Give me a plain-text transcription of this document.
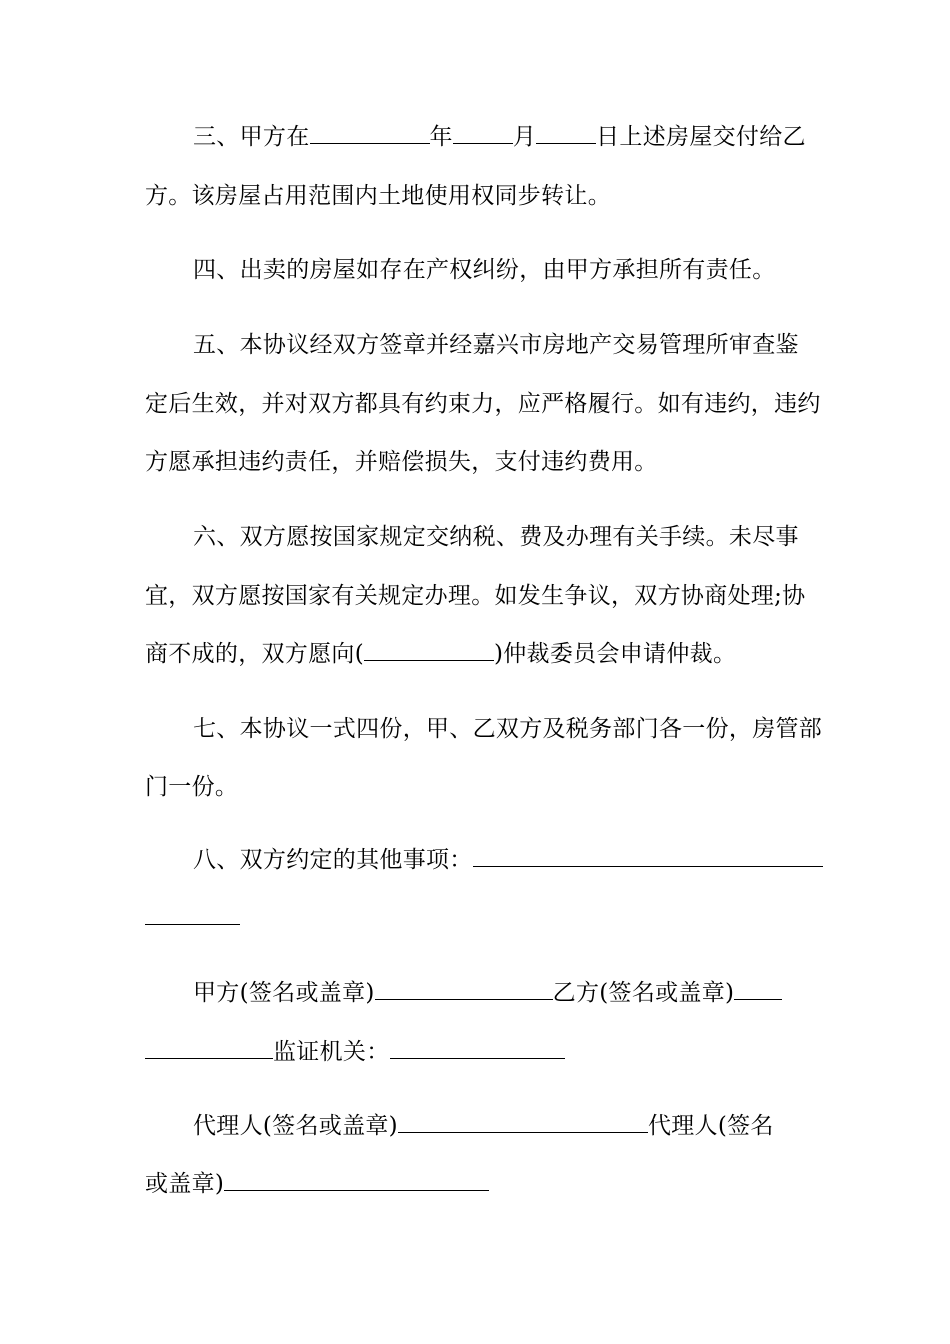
三、甲方在	年	月	日上述房屋交付给乙
方。该房屋占用范围内土地使用权同步转让。
四、出卖的房屋如存在产权纠纷，由甲方承担所有责任。
五、本协议经双方签章并经嘉兴市房地产交易管理所审查鉴
定后生效，并对双方都具有约束力，应严格履行。如有违约，违约
方愿承担违约责任，并赔偿损失，支付违约费用。
六、双方愿按国家规定交纳税、费及办理有关手续。未尽事
宜，双方愿按国家有关规定办理。如发生争议，双方协商处理;协
商不成的，双方愿向(	)仲裁委员会申请仲裁。
七、本协议一式四份，甲、乙双方及税务部门各一份，房管部
门一份。
八、双方约定的其他事项：
甲方(签名或盖章)	乙方(签名或盖章)
监证机关：
代理人(签名或盖章)	代理人(签名
或盖章)
